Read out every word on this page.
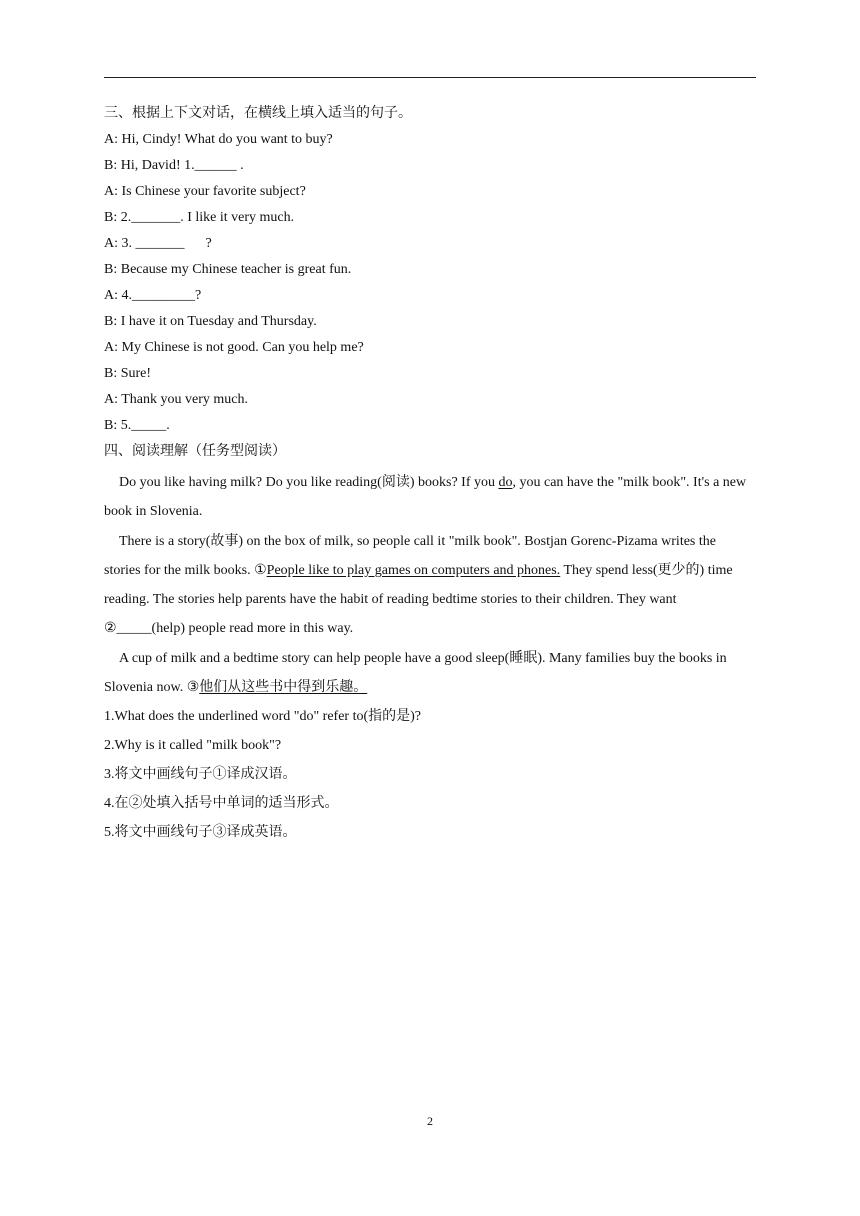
三、根据上下文对话，在横线上填入适当的句子。
A: Hi, Cindy! What do you want to buy?
B: Hi, David! 1.______ .
A: Is Chinese your favorite subject?
B: 2._______. I like it very much.
A: 3. _______      ?
B: Because my Chinese teacher is great fun.
A: 4._________?
B: I have it on Tuesday and Thursday.
A: My Chinese is not good. Can you help me?
B: Sure!
A: Thank you very much.
B: 5._____.
四、阅读理解（任务型阅读）

Do you like having milk? Do you like reading(阅读) books? If you do, you can have the "milk book". It's a new book in Slovenia.

There is a story(故事) on the box of milk, so people call it "milk book". Bostjan Gorenc-Pizama writes the stories for the milk books. ①People like to play games on computers and phones. They spend less(更少的) time reading. The stories help parents have the habit of reading bedtime stories to their children. They want ②_____(help) people read more in this way.

A cup of milk and a bedtime story can help people have a good sleep(睡眠). Many families buy the books in Slovenia now. ③他们从这些书中得到乐趣。

1.What does the underlined word "do" refer to(指的是)?
2.Why is it called "milk book"?
3.将文中画线句子①译成汉语。
4.在②处填入括号中单词的适当形式。
5.将文中画线句子③译成英语。
2
